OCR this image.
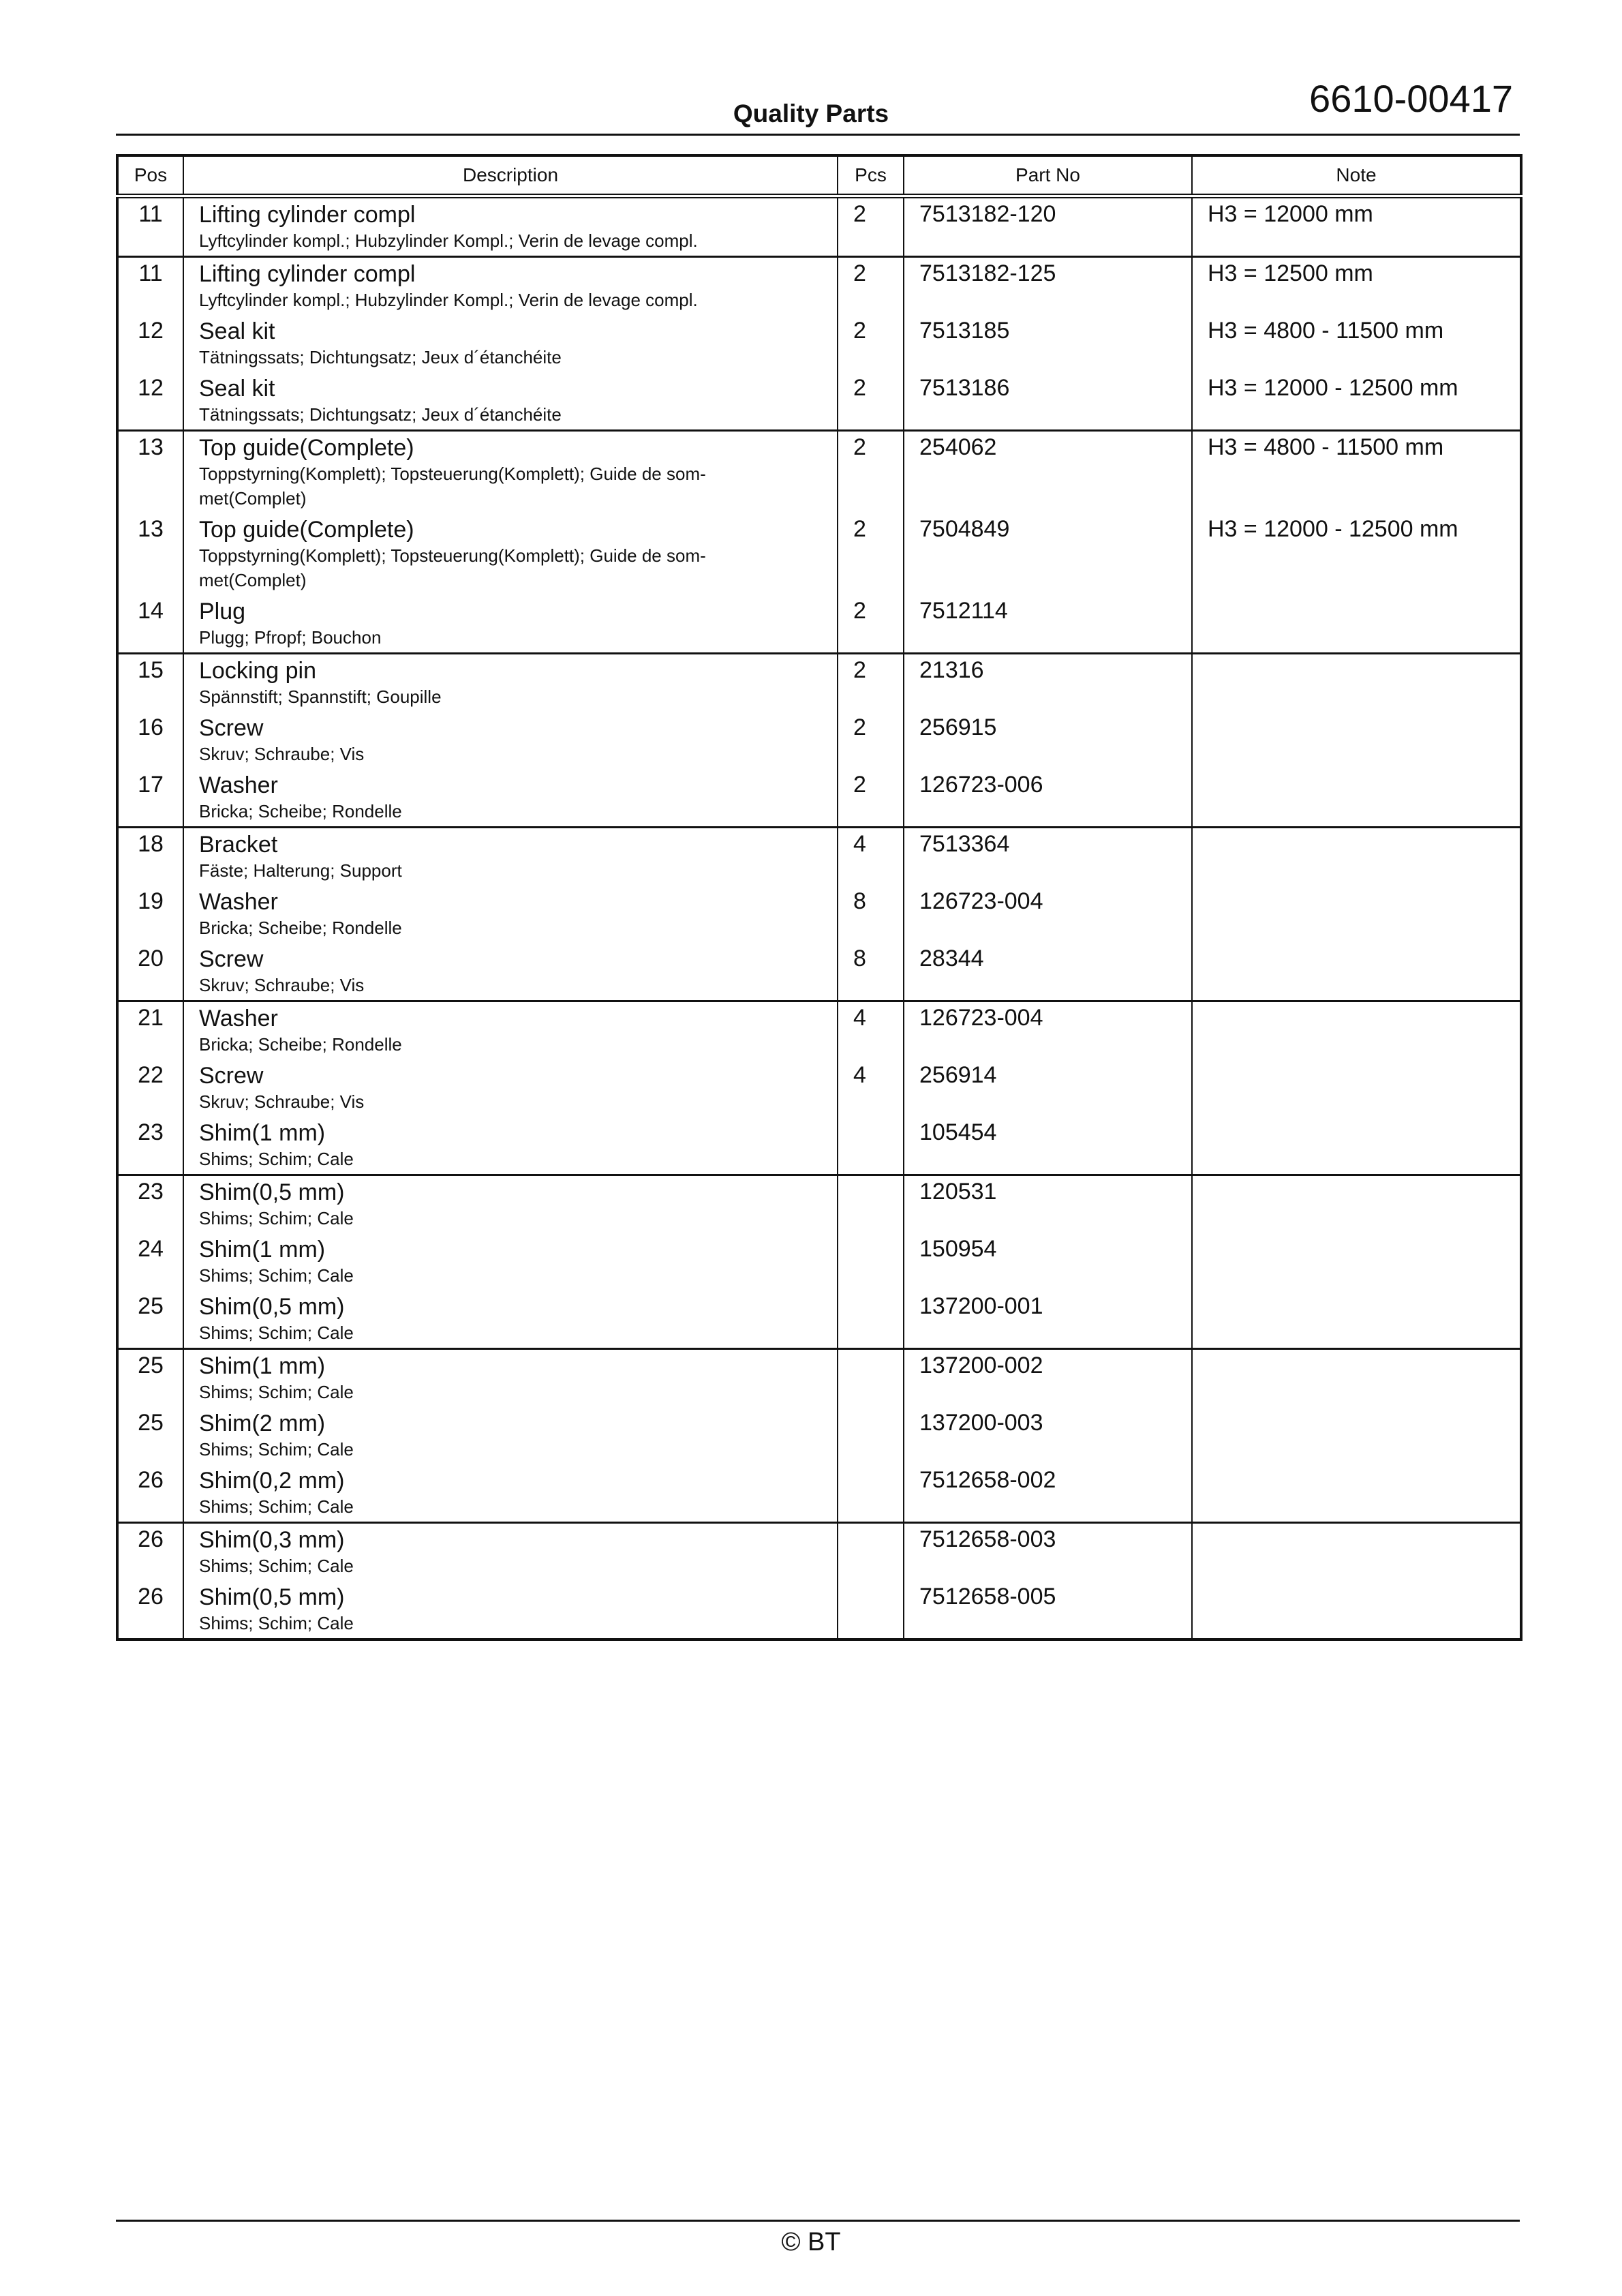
Quality Parts	6610-00417
Pos	Description	Pcs	Part No	Note
11	Lifting cylinder compl
Lyftcylinder kompl.; Hubzylinder Kompl.; Verin de levage compl.	2	7513182-120	H3 = 12000 mm
11	Lifting cylinder compl
Lyftcylinder kompl.; Hubzylinder Kompl.; Verin de levage compl.	2	7513182-125	H3 = 12500 mm
12	Seal kit
Tätningssats; Dichtungsatz; Jeux d´étanchéite	2	7513185	H3 = 4800 - 11500 mm
12	Seal kit
Tätningssats; Dichtungsatz; Jeux d´étanchéite	2	7513186	H3 = 12000 - 12500 mm
13	Top guide(Complete)
Toppstyrning(Komplett); Topsteuerung(Komplett); Guide de som-met(Complet)	2	254062	H3 = 4800 - 11500 mm
13	Top guide(Complete)
Toppstyrning(Komplett); Topsteuerung(Komplett); Guide de som-met(Complet)	2	7504849	H3 = 12000 - 12500 mm
14	Plug
Plugg; Pfropf; Bouchon	2	7512114	
15	Locking pin
Spännstift; Spannstift; Goupille	2	21316	
16	Screw
Skruv; Schraube; Vis	2	256915	
17	Washer
Bricka; Scheibe; Rondelle	2	126723-006	
18	Bracket
Fäste; Halterung; Support	4	7513364	
19	Washer
Bricka; Scheibe; Rondelle	8	126723-004	
20	Screw
Skruv; Schraube; Vis	8	28344	
21	Washer
Bricka; Scheibe; Rondelle	4	126723-004	
22	Screw
Skruv; Schraube; Vis	4	256914	
23	Shim(1 mm)
Shims; Schim; Cale		105454	
23	Shim(0,5 mm)
Shims; Schim; Cale		120531	
24	Shim(1 mm)
Shims; Schim; Cale		150954	
25	Shim(0,5 mm)
Shims; Schim; Cale		137200-001	
25	Shim(1 mm)
Shims; Schim; Cale		137200-002	
25	Shim(2 mm)
Shims; Schim; Cale		137200-003	
26	Shim(0,2 mm)
Shims; Schim; Cale		7512658-002	
26	Shim(0,3 mm)
Shims; Schim; Cale		7512658-003	
26	Shim(0,5 mm)
Shims; Schim; Cale		7512658-005	
© BT
